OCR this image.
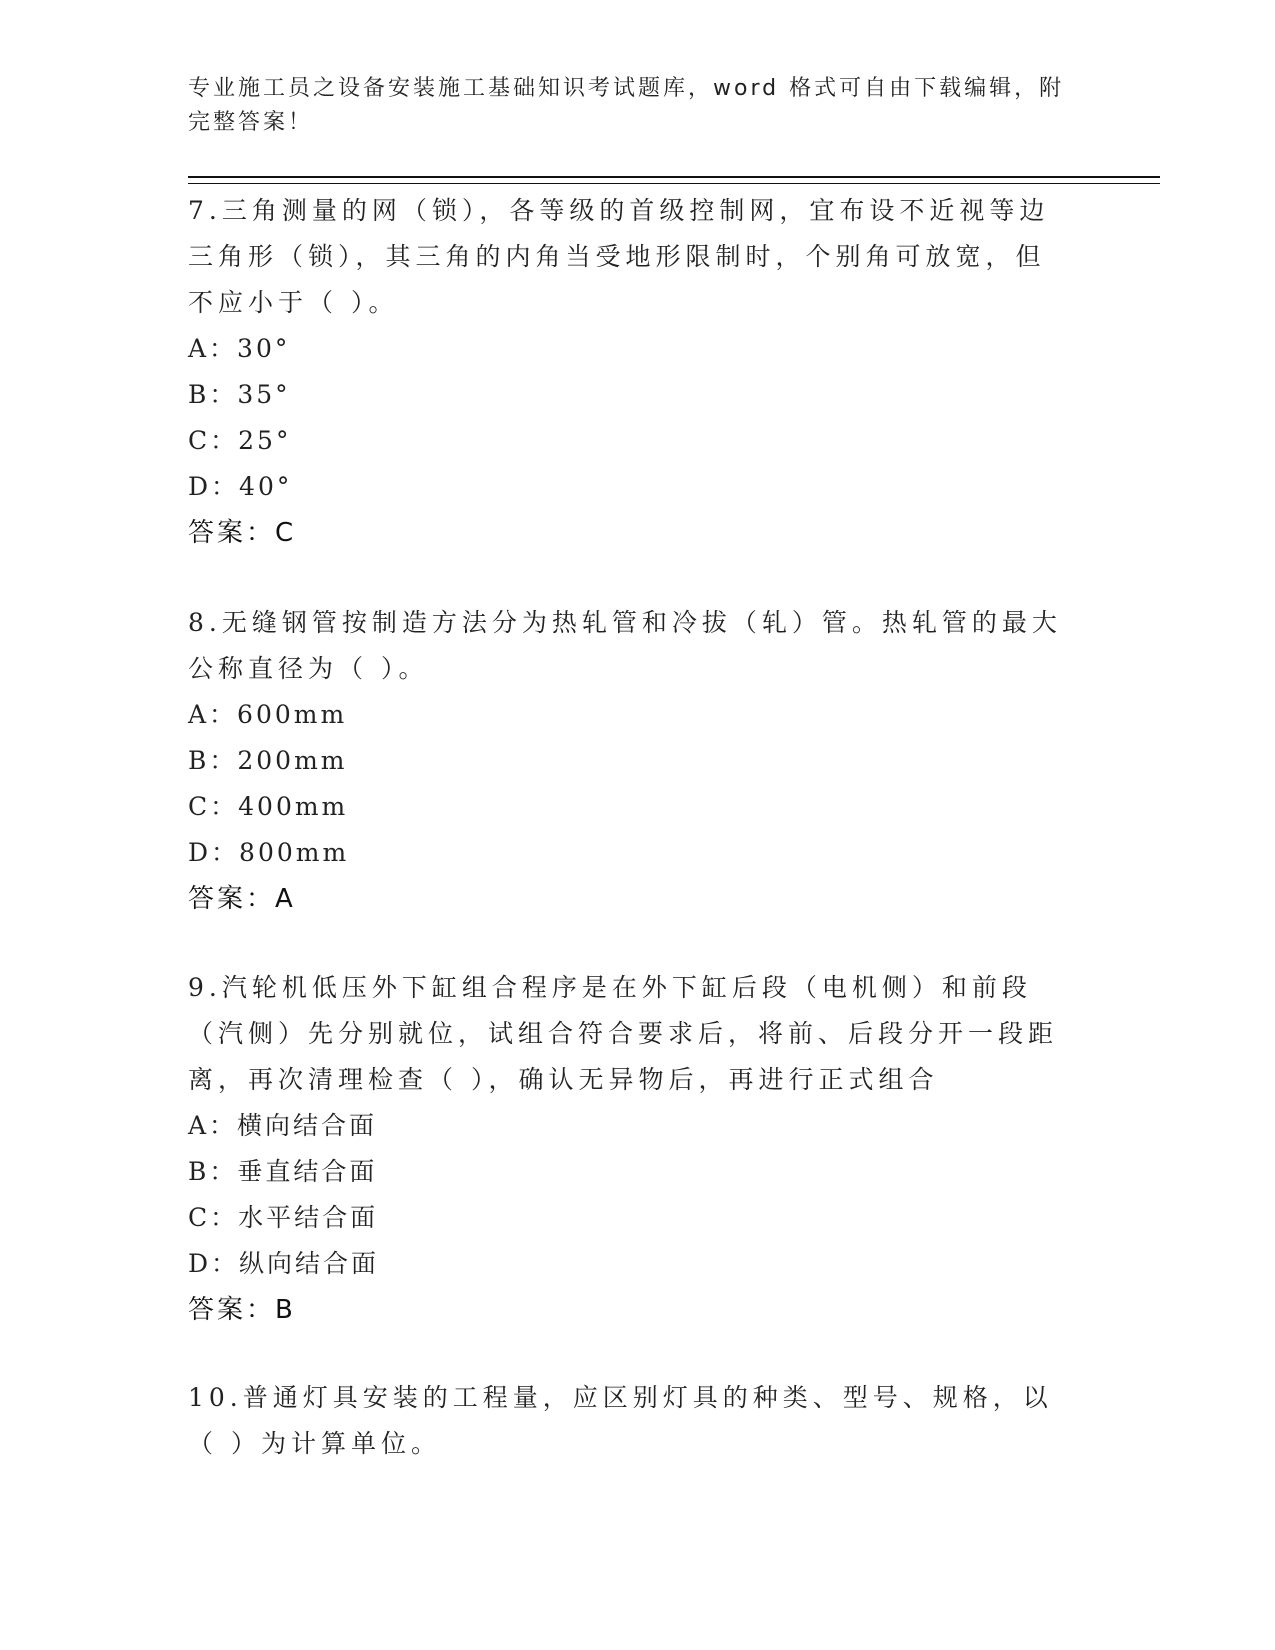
专业施工员之设备安装施工基础知识考试题库，word 格式可自由下载编辑，附完整答案！

7.三角测量的网（锁），各等级的首级控制网，宜布设不近视等边三角形（锁），其三角的内角当受地形限制时，个别角可放宽，但不应小于（ ）。

A：30°
B：35°
C：25°
D：40°
答案：C

8.无缝钢管按制造方法分为热轧管和冷拔（轧）管。热轧管的最大公称直径为（ ）。

A：600mm
B：200mm
C：400mm
D：800mm
答案：A

9.汽轮机低压外下缸组合程序是在外下缸后段（电机侧）和前段（汽侧）先分别就位，试组合符合要求后，将前、后段分开一段距离，再次清理检查（ ），确认无异物后，再进行正式组合

A：横向结合面
B：垂直结合面
C：水平结合面
D：纵向结合面
答案：B

10.普通灯具安装的工程量，应区别灯具的种类、型号、规格，以（ ）为计算单位。
